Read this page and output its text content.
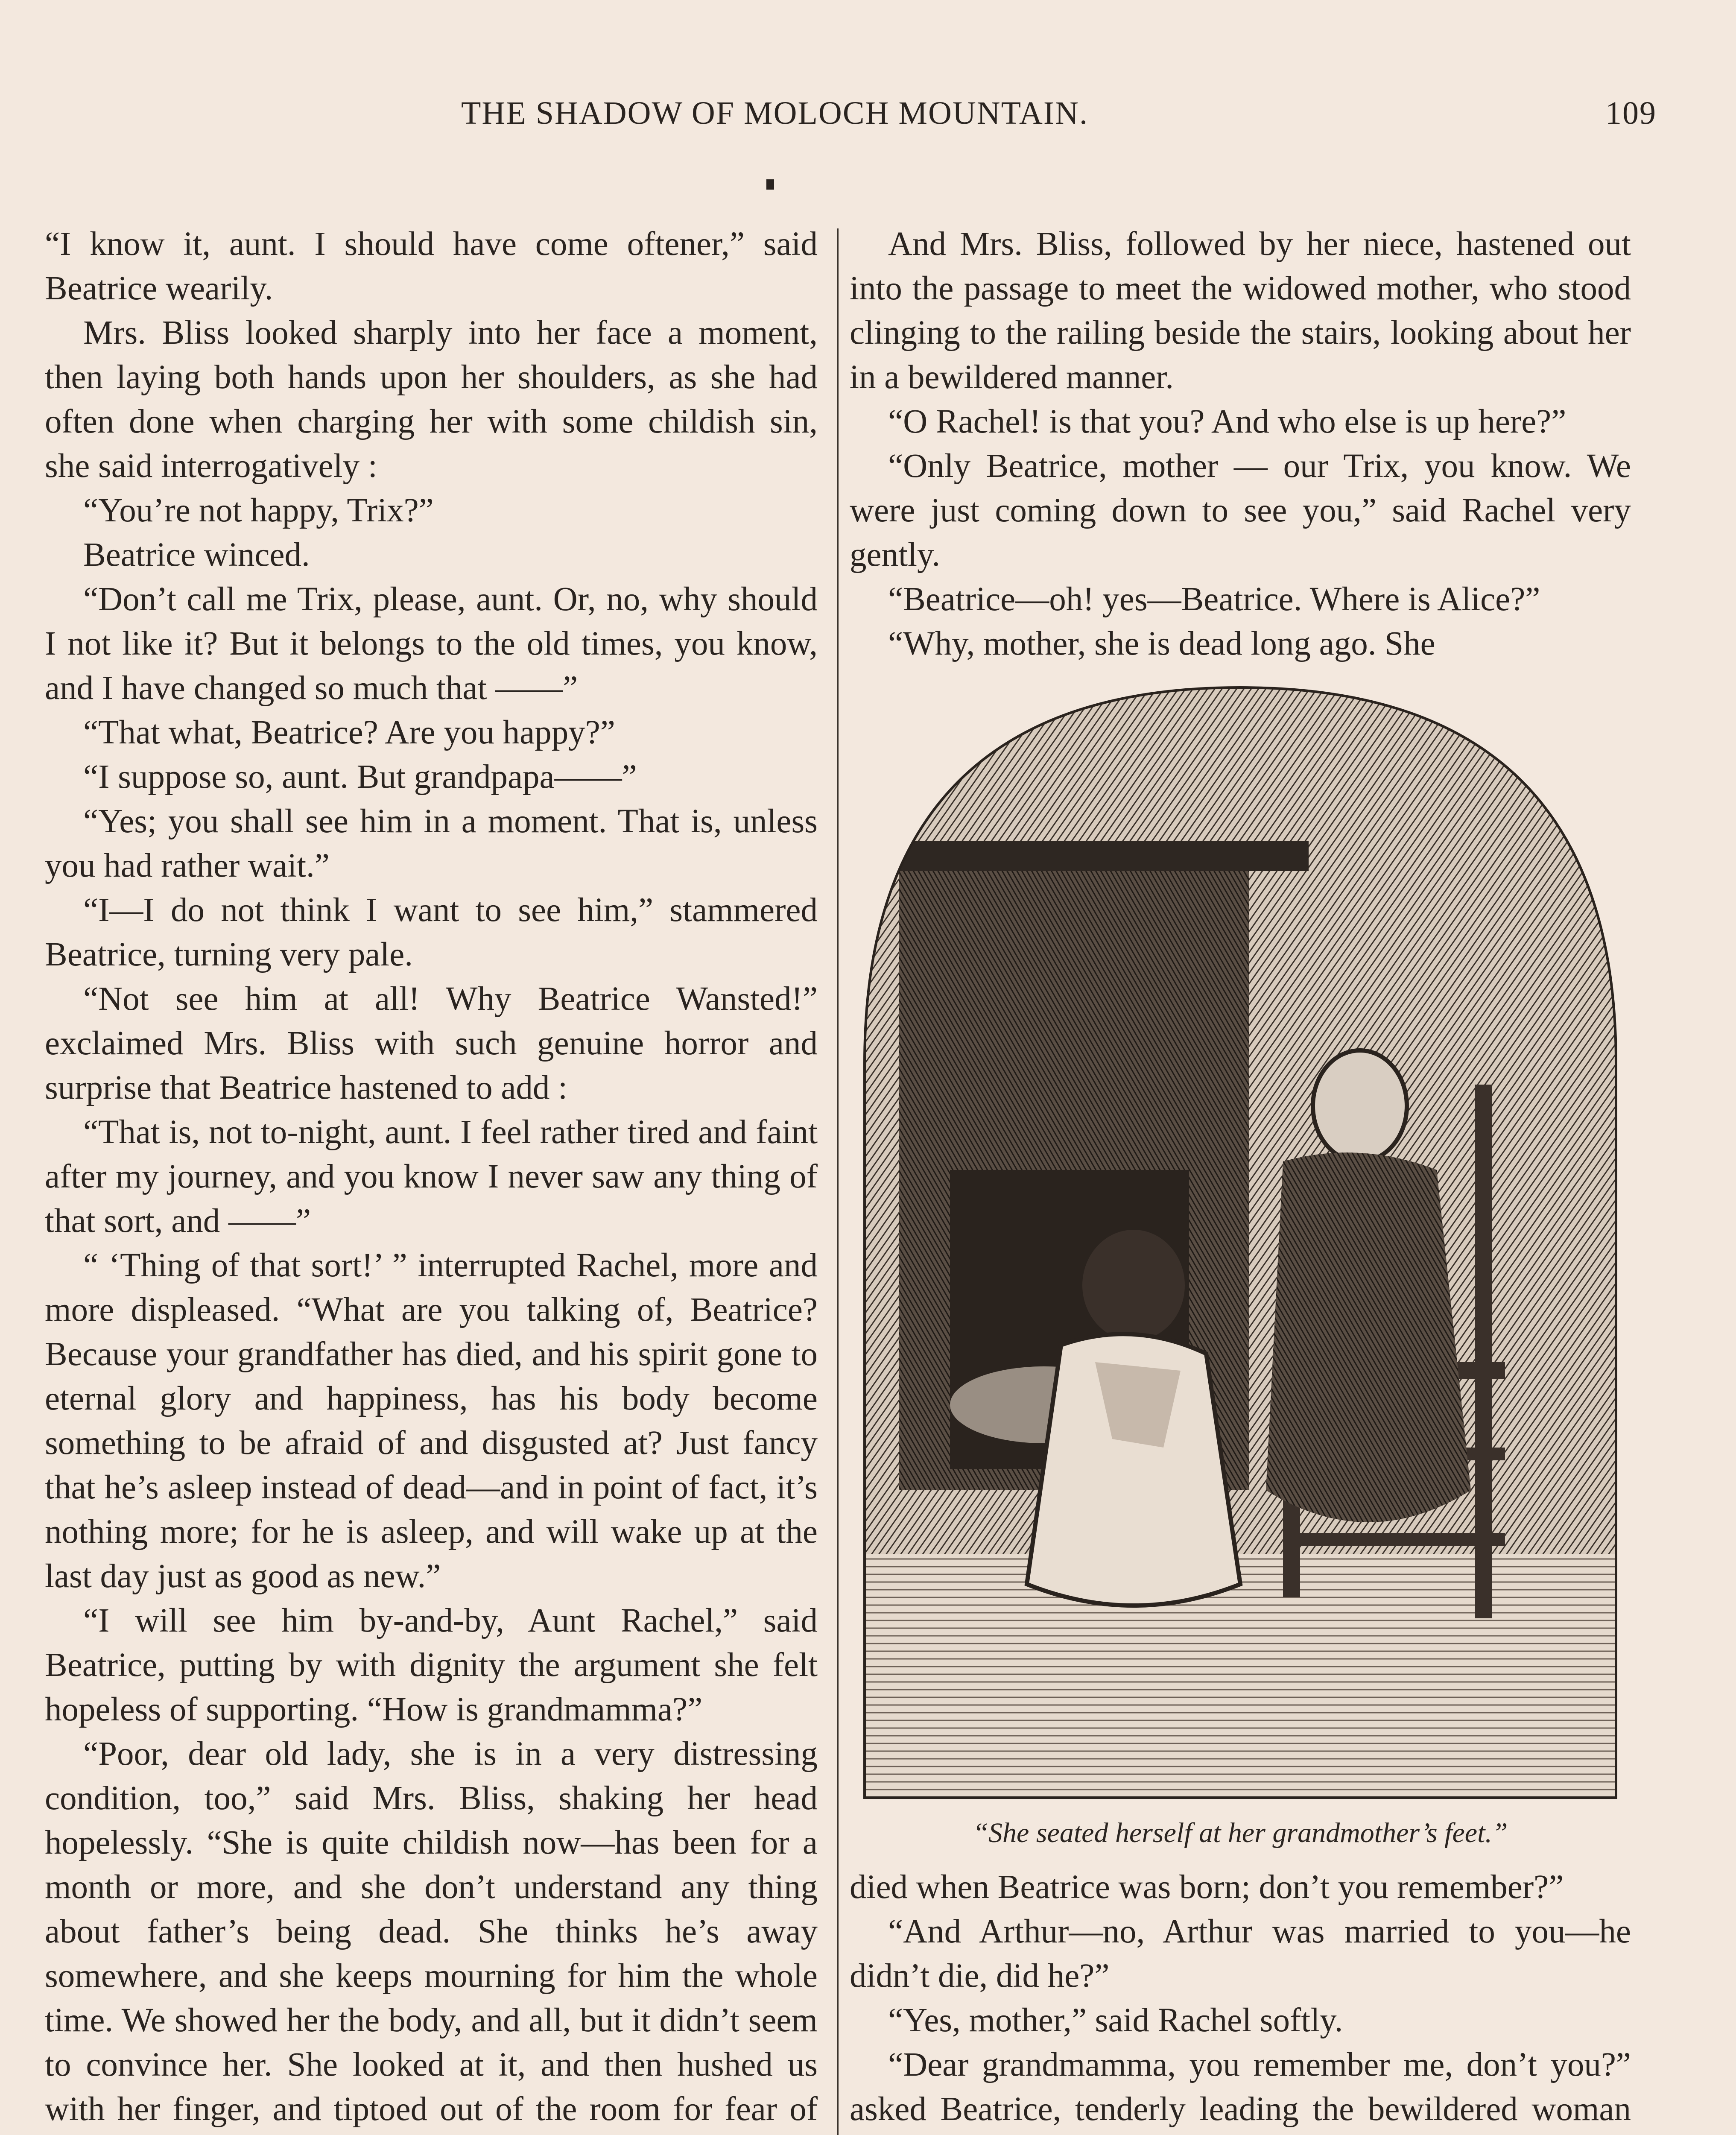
THE SHADOW OF MOLOCH MOUNTAIN.	109

“I know it, aunt. I should have come oftener,” said Beatrice wearily.

Mrs. Bliss looked sharply into her face a moment, then laying both hands upon her shoulders, as she had often done when charging her with some childish sin, she said interrogatively :

“You’re not happy, Trix?”

Beatrice winced.

“Don’t call me Trix, please, aunt. Or, no, why should I not like it? But it belongs to the old times, you know, and I have changed so much that ——”

“That what, Beatrice? Are you happy?”

“I suppose so, aunt. But grandpapa——”

“Yes; you shall see him in a moment. That is, unless you had rather wait.”

“I—I do not think I want to see him,” stammered Beatrice, turning very pale.

“Not see him at all! Why Beatrice Wansted!” exclaimed Mrs. Bliss with such genuine horror and surprise that Beatrice hastened to add :

“That is, not to-night, aunt. I feel rather tired and faint after my journey, and you know I never saw any thing of that sort, and ——”

“ ‘Thing of that sort!’ ” interrupted Rachel, more and more displeased. “What are you talking of, Beatrice? Because your grandfather has died, and his spirit gone to eternal glory and happiness, has his body become something to be afraid of and disgusted at? Just fancy that he’s asleep instead of dead—and in point of fact, it’s nothing more; for he is asleep, and will wake up at the last day just as good as new.”

“I will see him by-and-by, Aunt Rachel,” said Beatrice, putting by with dignity the argument she felt hopeless of supporting. “How is grandmamma?”

“Poor, dear old lady, she is in a very distressing condition, too,” said Mrs. Bliss, shaking her head hopelessly. “She is quite childish now—has been for a month or more, and she don’t understand any thing about father’s being dead. She thinks he’s away somewhere, and she keeps mourning for him the whole time. We showed her the body, and all, but it didn’t seem to convince her. She looked at it, and then hushed us with her finger, and tiptoed out of the room for fear of

And Mrs. Bliss, followed by her niece, hastened out into the passage to meet the widowed mother, who stood clinging to the railing beside the stairs, looking about her in a bewildered manner.

“O Rachel! is that you? And who else is up here?”

“Only Beatrice, mother — our Trix, you know. We were just coming down to see you,” said Rachel very gently.

“Beatrice—oh! yes—Beatrice. Where is Alice?”

“Why, mother, she is dead long ago. She

“She seated herself at her grandmother’s feet.”

died when Beatrice was born; don’t you remember?”

“And Arthur—no, Arthur was married to you—he didn’t die, did he?”

“Yes, mother,” said Rachel softly.

“Dear grandmamma, you remember me, don’t you?” asked Beatrice, tenderly leading the bewildered woman
